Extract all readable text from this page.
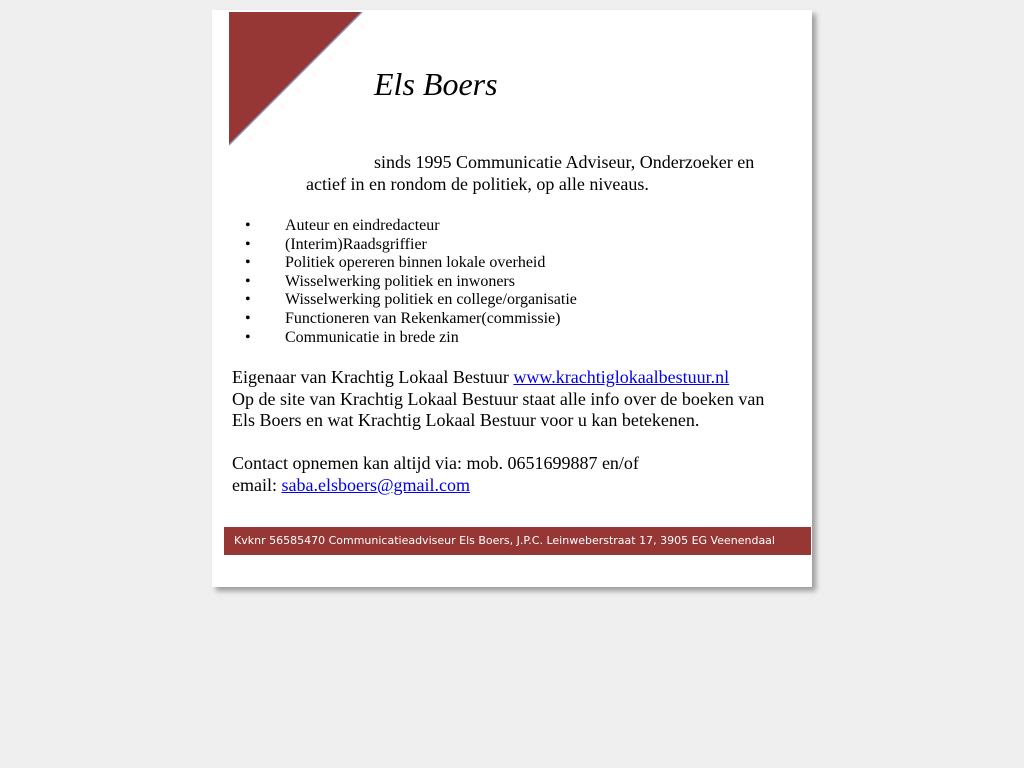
Els Boers
sinds 1995 Communicatie Adviseur, Onderzoeker en
actief in en rondom de politiek, op alle niveaus.
•	Auteur en eindredacteur
•	(Interim)Raadsgriffier
•	Politiek opereren binnen lokale overheid
•	Wisselwerking politiek en inwoners
•	Wisselwerking politiek en college/organisatie
•	Functioneren van Rekenkamer(commissie)
•	Communicatie in brede zin
Eigenaar van Krachtig Lokaal Bestuur www.krachtiglokaalbestuur.nl
Op de site van Krachtig Lokaal Bestuur staat alle info over de boeken van
Els Boers en wat Krachtig Lokaal Bestuur voor u kan betekenen.
Contact opnemen kan altijd via: mob. 0651699887 en/of
email: saba.elsboers@gmail.com
Kvknr 56585470 Communicatieadviseur Els Boers, J.P.C. Leinweberstraat 17, 3905 EG Veenendaal
